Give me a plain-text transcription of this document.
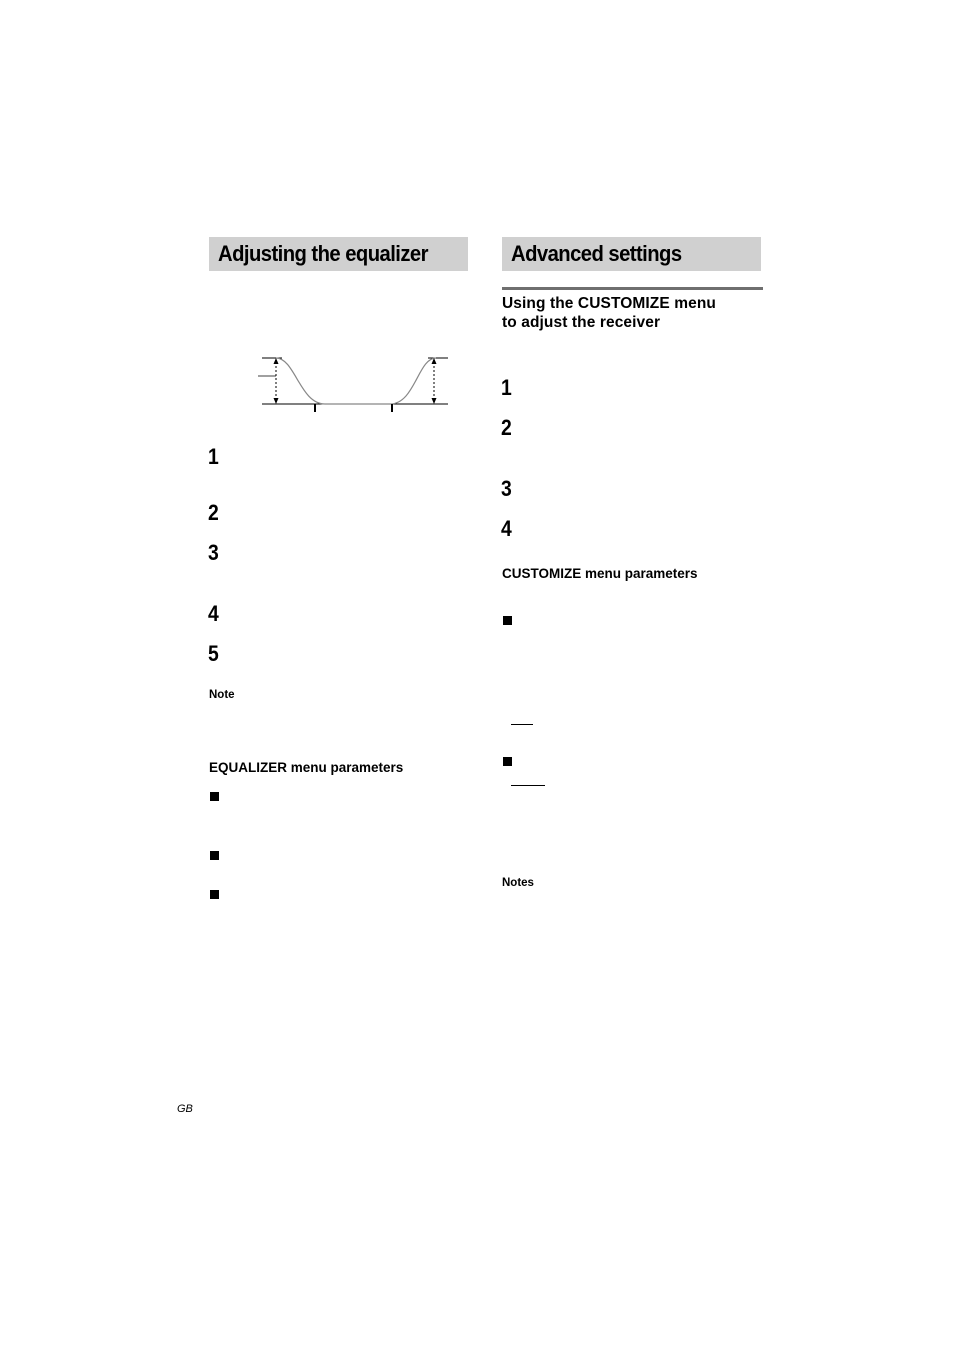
Adjusting the equalizer
1
2
3
4
5
Note
EQUALIZER menu parameters
Advanced settings
Using the CUSTOMIZE menu
to adjust the receiver
1
2
3
4
CUSTOMIZE menu parameters
Notes
GB
